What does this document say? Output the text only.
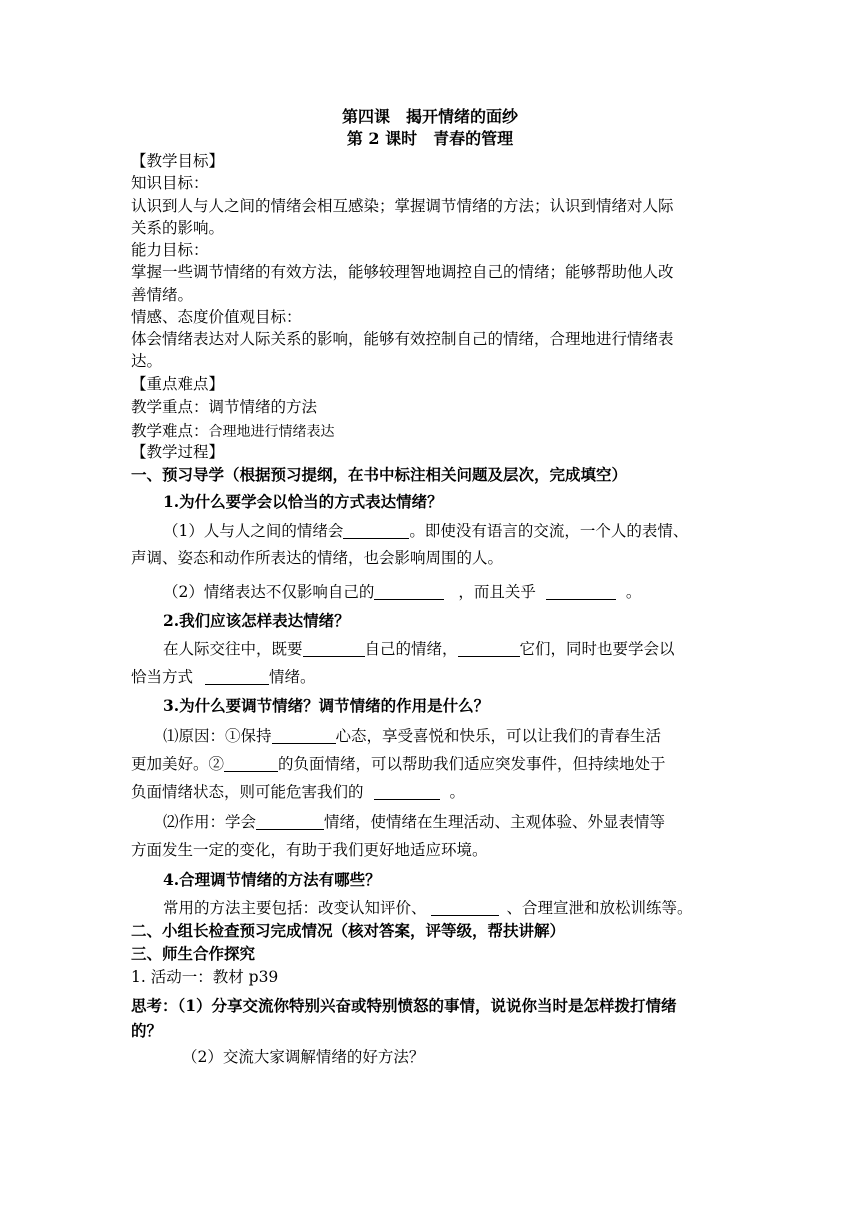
第四课　揭开情绪的面纱
第 2 课时　青春的管理
【教学目标】
知识目标：
认识到人与人之间的情绪会相互感染；掌握调节情绪的方法；认识到情绪对人际
关系的影响。
能力目标：
掌握一些调节情绪的有效方法，能够较理智地调控自己的情绪；能够帮助他人改
善情绪。
情感、态度价值观目标：
体会情绪表达对人际关系的影响，能够有效控制自己的情绪，合理地进行情绪表
达。
【重点难点】
教学重点：调节情绪的方法
教学难点：合理地进行情绪表达
【教学过程】
一、预习导学（根据预习提纲，在书中标注相关问题及层次，完成填空）
1.为什么要学会以恰当的方式表达情绪？
（1）人与人之间的情绪会	。即使没有语言的交流，一个人的表情、
声调、姿态和动作所表达的情绪，也会影响周围的人。
（2）情绪表达不仅影响自己的	，而且关乎	。
2.我们应该怎样表达情绪？
在人际交往中，既要	自己的情绪，	它们，同时也要学会以
恰当方式	情绪。
3.为什么要调节情绪？调节情绪的作用是什么？
⑴原因：①保持	心态，享受喜悦和快乐，可以让我们的青春生活
更加美好。②	的负面情绪，可以帮助我们适应突发事件，但持续地处于
负面情绪状态，则可能危害我们的	。
⑵作用：学会	情绪，使情绪在生理活动、主观体验、外显表情等
方面发生一定的变化，有助于我们更好地适应环境。
4.合理调节情绪的方法有哪些？
常用的方法主要包括：改变认知评价、	、合理宣泄和放松训练等。
二、小组长检查预习完成情况（核对答案，评等级，帮扶讲解）
三、师生合作探究
1. 活动一：教材 p39
思考：（1）分享交流你特别兴奋或特别愤怒的事情，说说你当时是怎样拨打情绪
的？
（2）交流大家调解情绪的好方法？
